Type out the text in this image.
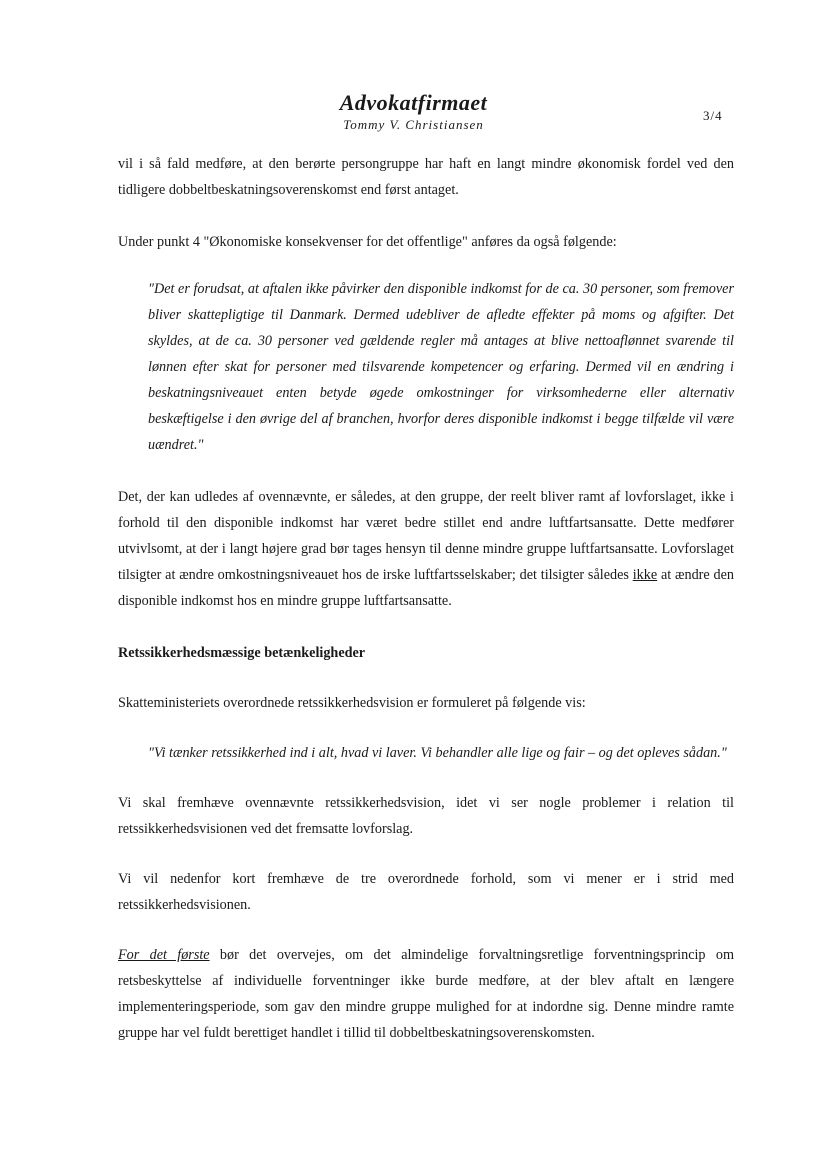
Advokatfirmaet
Tommy V. Christiansen
3/4

vil i så fald medføre, at den berørte persongruppe har haft en langt mindre økonomisk fordel ved den tidligere dobbeltbeskatningsoverenskomst end først antaget.

Under punkt 4 "Økonomiske konsekvenser for det offentlige" anføres da også følgende:

"Det er forudsat, at aftalen ikke påvirker den disponible indkomst for de ca. 30 personer, som fremover bliver skattepligtige til Danmark. Dermed udebliver de afledte effekter på moms og afgifter. Det skyldes, at de ca. 30 personer ved gældende regler må antages at blive nettoaflønnet svarende til lønnen efter skat for personer med tilsvarende kompetencer og erfaring. Dermed vil en ændring i beskatningsniveauet enten betyde øgede omkostninger for virksomhederne eller alternativ beskæftigelse i den øvrige del af branchen, hvorfor deres disponible indkomst i begge tilfælde vil være uændret."

Det, der kan udledes af ovennævnte, er således, at den gruppe, der reelt bliver ramt af lovforslaget, ikke i forhold til den disponible indkomst har været bedre stillet end andre luftfartsansatte. Dette medfører utvivlsomt, at der i langt højere grad bør tages hensyn til denne mindre gruppe luftfartsansatte. Lovforslaget tilsigter at ændre omkostningsniveauet hos de irske luftfartsselskaber; det tilsigter således ikke at ændre den disponible indkomst hos en mindre gruppe luftfartsansatte.

Retssikkerhedsmæssige betænkeligheder

Skatteministeriets overordnede retssikkerhedsvision er formuleret på følgende vis:

"Vi tænker retssikkerhed ind i alt, hvad vi laver. Vi behandler alle lige og fair – og det opleves sådan."

Vi skal fremhæve ovennævnte retssikkerhedsvision, idet vi ser nogle problemer i relation til retssikkerhedsvisionen ved det fremsatte lovforslag.

Vi vil nedenfor kort fremhæve de tre overordnede forhold, som vi mener er i strid med retssikkerhedsvisionen.

For det første bør det overvejes, om det almindelige forvaltningsretlige forventningsprincip om retsbeskyttelse af individuelle forventninger ikke burde medføre, at der blev aftalt en længere implementeringsperiode, som gav den mindre gruppe mulighed for at indordne sig. Denne mindre ramte gruppe har vel fuldt berettiget handlet i tillid til dobbeltbeskatningsoverenskomsten.
